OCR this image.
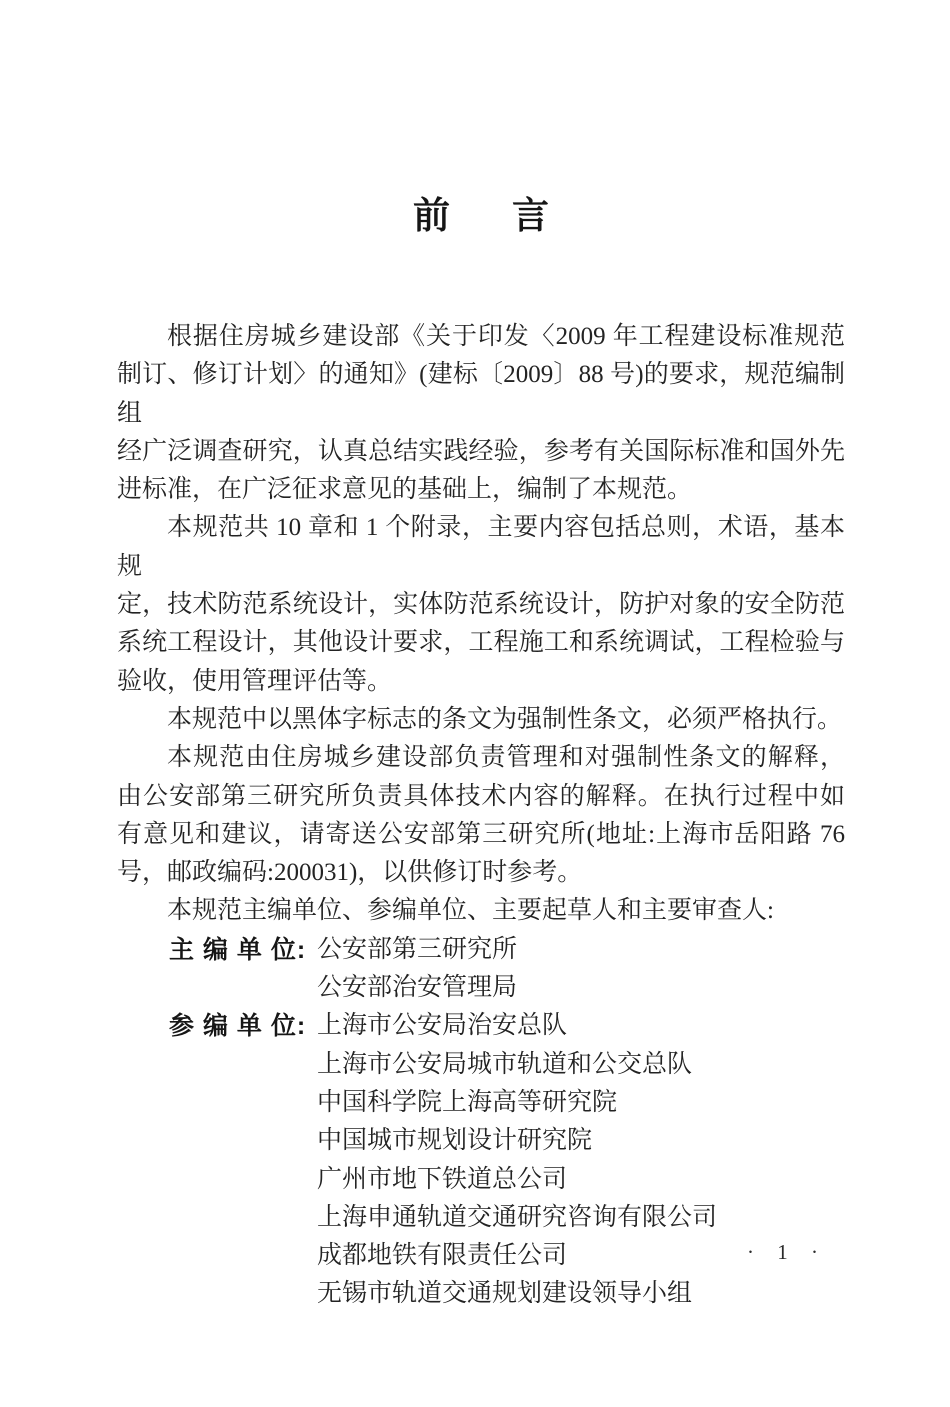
前 言
根据住房城乡建设部《关于印发〈2009 年工程建设标准规范
制订、修订计划〉的通知》(建标〔2009〕88 号)的要求，规范编制组
经广泛调查研究，认真总结实践经验，参考有关国际标准和国外先
进标准，在广泛征求意见的基础上，编制了本规范。
本规范共 10 章和 1 个附录，主要内容包括总则，术语，基本规
定，技术防范系统设计，实体防范系统设计，防护对象的安全防范
系统工程设计，其他设计要求，工程施工和系统调试，工程检验与
验收，使用管理评估等。
本规范中以黑体字标志的条文为强制性条文，必须严格执行。
本规范由住房城乡建设部负责管理和对强制性条文的解释，
由公安部第三研究所负责具体技术内容的解释。在执行过程中如
有意见和建议，请寄送公安部第三研究所(地址:上海市岳阳路 76
号，邮政编码:200031)，以供修订时参考。
本规范主编单位、参编单位、主要起草人和主要审查人:
主 编 单 位: 公安部第三研究所
公安部治安管理局
参 编 单 位: 上海市公安局治安总队
上海市公安局城市轨道和公交总队
中国科学院上海高等研究院
中国城市规划设计研究院
广州市地下铁道总公司
上海申通轨道交通研究咨询有限公司
成都地铁有限责任公司
无锡市轨道交通规划建设领导小组
· 1 ·
